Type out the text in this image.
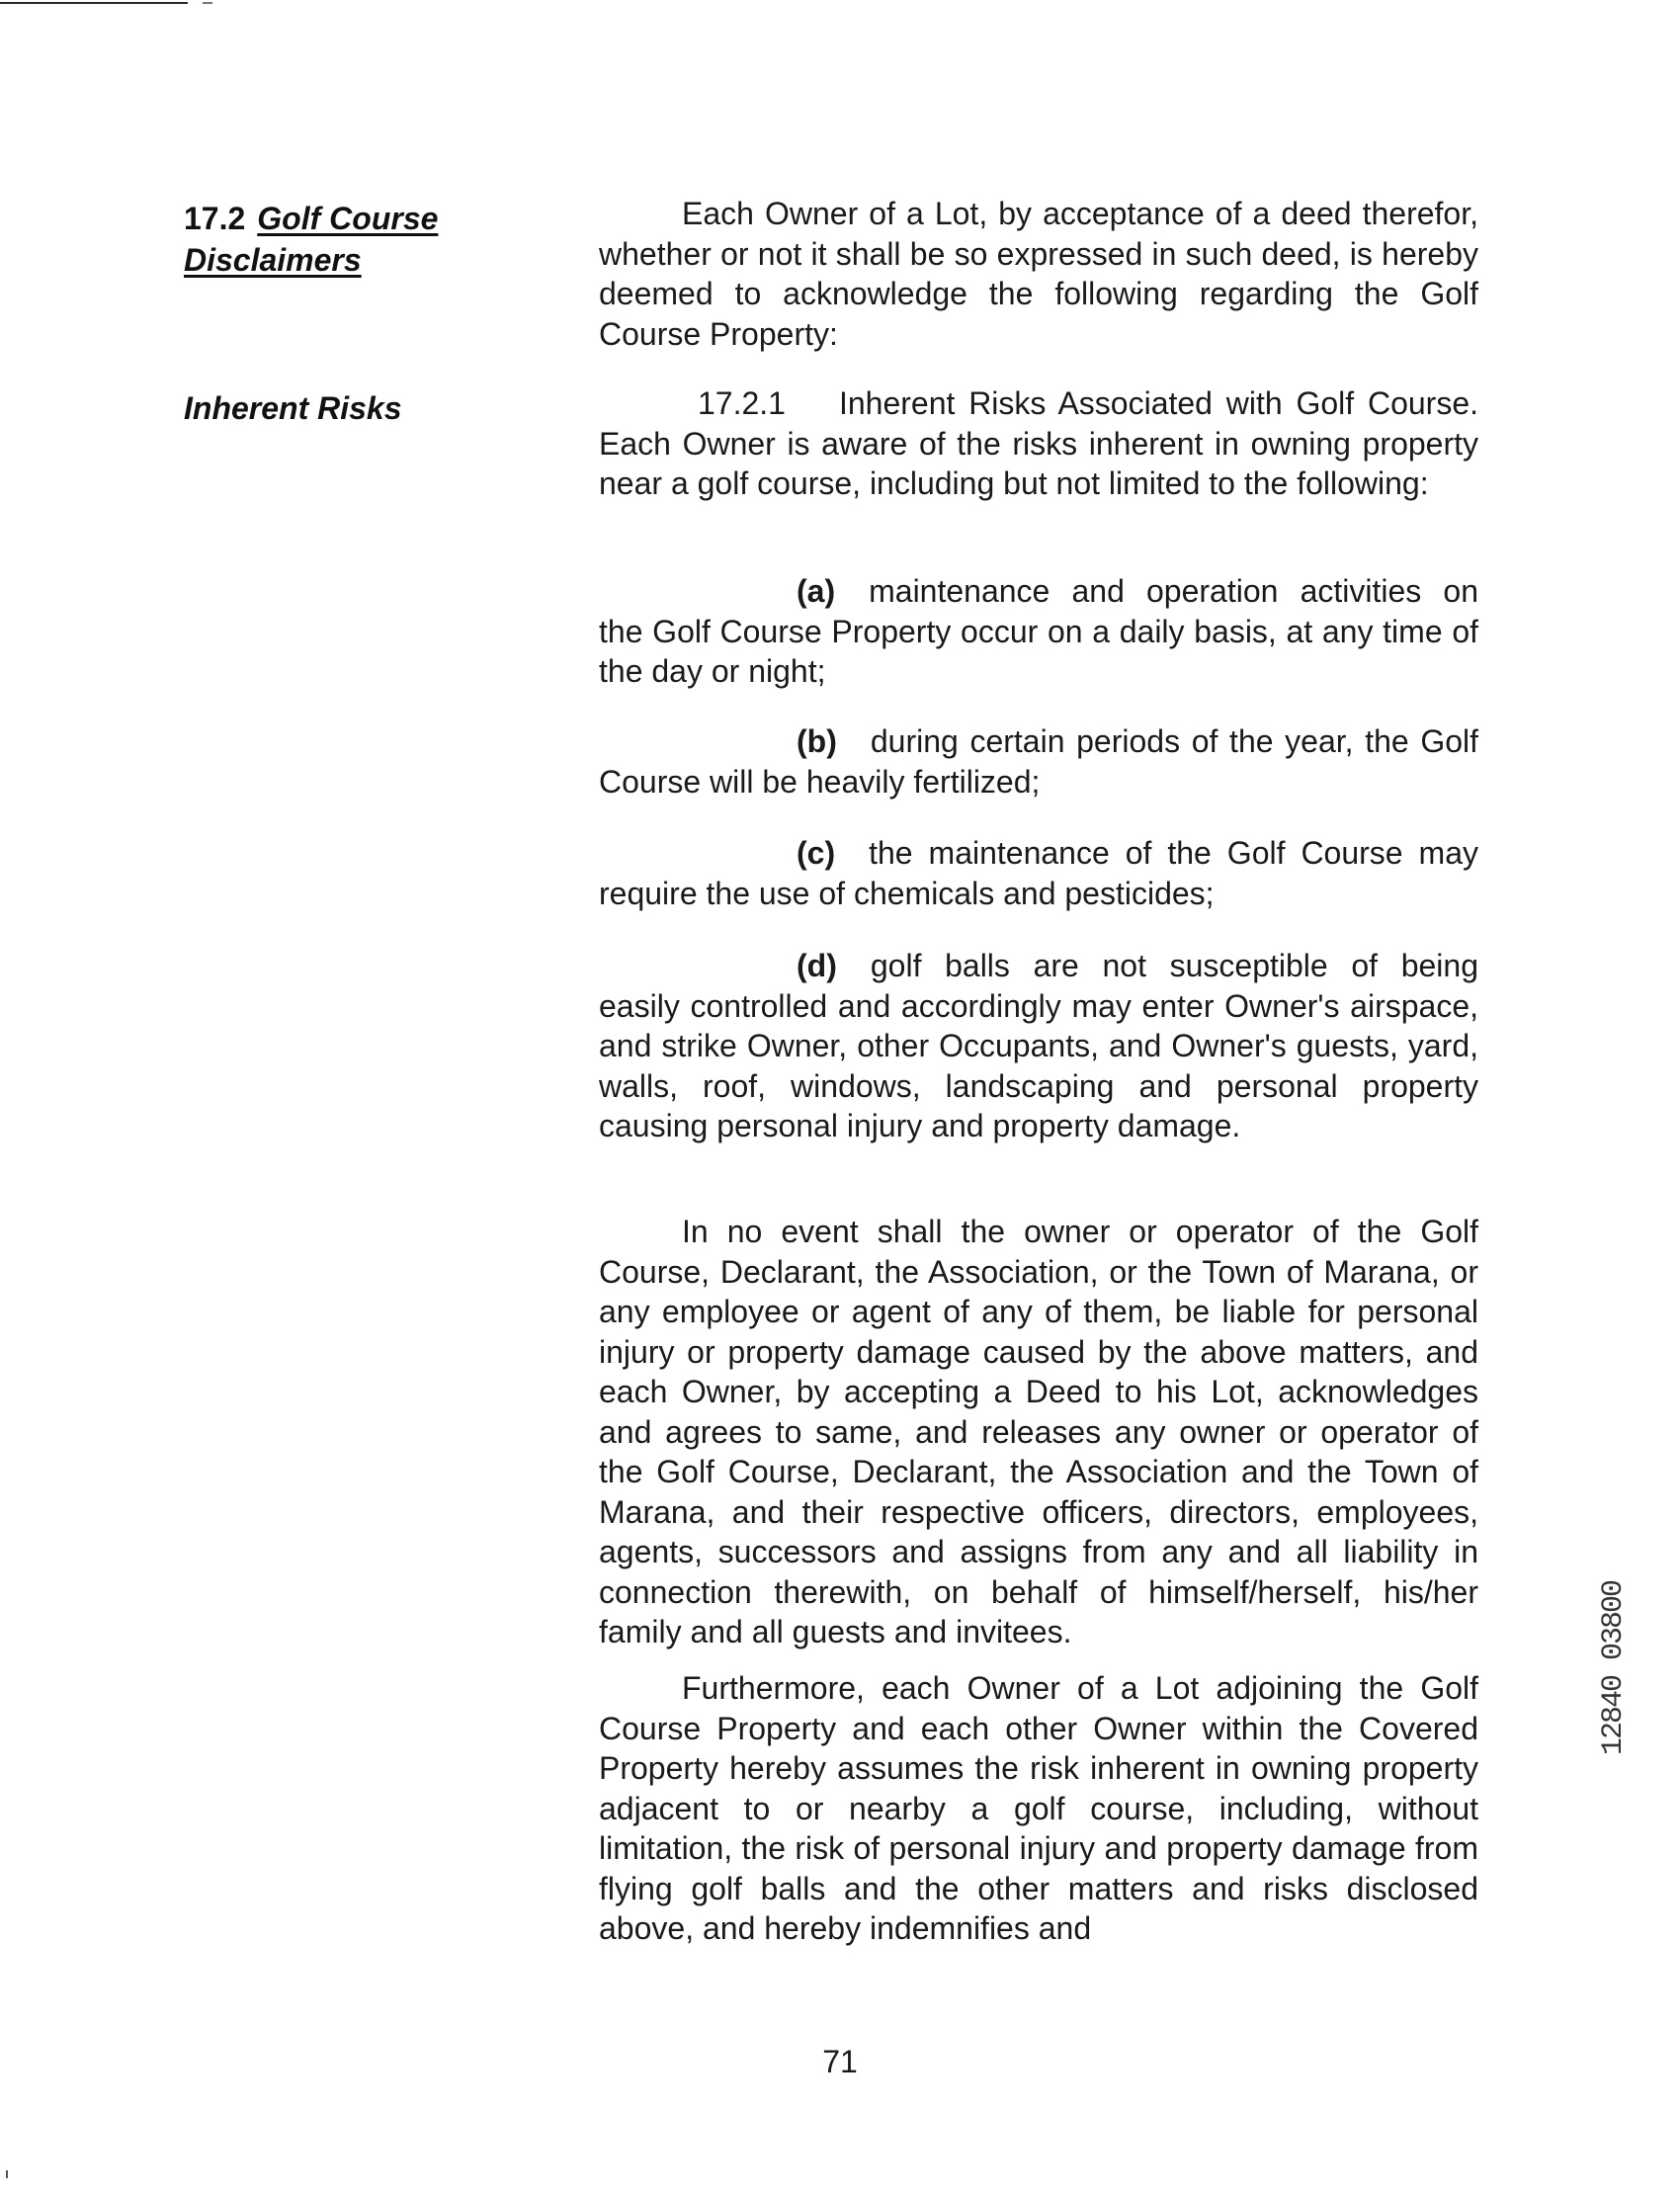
17.2 Golf Course
Disclaimers
Inherent Risks

Each Owner of a Lot, by acceptance of a deed therefor, whether or not it shall be so expressed in such deed, is hereby deemed to acknowledge the following regarding the Golf Course Property:

17.2.1 Inherent Risks Associated with Golf Course. Each Owner is aware of the risks inherent in owning property near a golf course, including but not limited to the following:

(a) maintenance and operation activities on the Golf Course Property occur on a daily basis, at any time of the day or night;

(b) during certain periods of the year, the Golf Course will be heavily fertilized;

(c) the maintenance of the Golf Course may require the use of chemicals and pesticides;

(d) golf balls are not susceptible of being easily controlled and accordingly may enter Owner's airspace, and strike Owner, other Occupants, and Owner's guests, yard, walls, roof, windows, landscaping and personal property causing personal injury and property damage.

In no event shall the owner or operator of the Golf Course, Declarant, the Association, or the Town of Marana, or any employee or agent of any of them, be liable for personal injury or property damage caused by the above matters, and each Owner, by accepting a Deed to his Lot, acknowledges and agrees to same, and releases any owner or operator of the Golf Course, Declarant, the Association and the Town of Marana, and their respective officers, directors, employees, agents, successors and assigns from any and all liability in connection therewith, on behalf of himself/herself, his/her family and all guests and invitees.

Furthermore, each Owner of a Lot adjoining the Golf Course Property and each other Owner within the Covered Property hereby assumes the risk inherent in owning property adjacent to or nearby a golf course, including, without limitation, the risk of personal injury and property damage from flying golf balls and the other matters and risks disclosed above, and hereby indemnifies and

71
12840 03800
